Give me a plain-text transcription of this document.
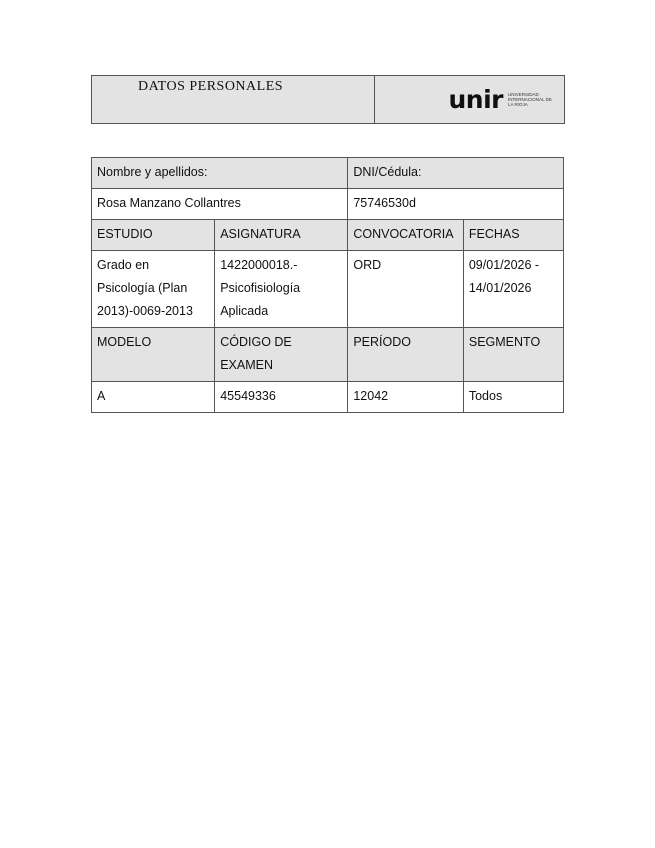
DATOS PERSONALES	unir UNIVERSIDAD INTERNACIONAL DE LA RIOJA
Nombre y apellidos:		DNI/Cédula:	
Rosa Manzano Collantres		75746530d	
ESTUDIO	ASIGNATURA	CONVOCATORIA	FECHAS
Grado en Psicología (Plan 2013)-0069-2013	1422000018.- Psicofisiología Aplicada	ORD	09/01/2026 - 14/01/2026
MODELO	CÓDIGO DE EXAMEN	PERÍODO	SEGMENTO
A	45549336	12042	Todos
